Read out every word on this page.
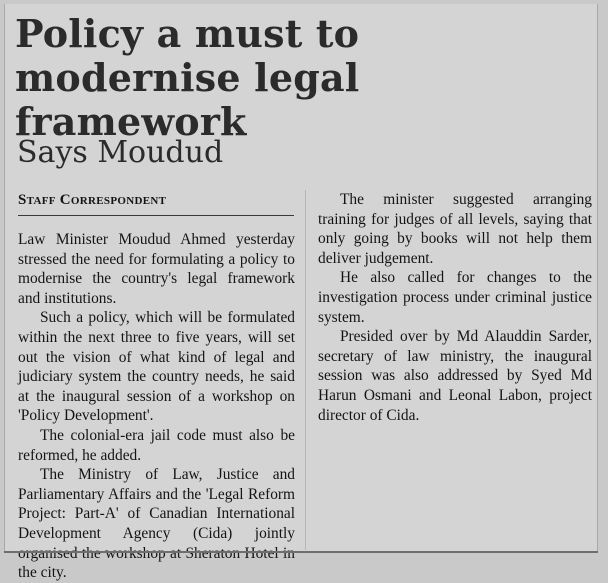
Policy a must to modernise legal framework
Says Moudud
Staff Correspondent

Law Minister Moudud Ahmed yesterday stressed the need for formulating a policy to modernise the country's legal framework and institutions.

Such a policy, which will be formulated within the next three to five years, will set out the vision of what kind of legal and judiciary system the country needs, he said at the inaugural session of a workshop on 'Policy Development'.

The colonial-era jail code must also be reformed, he added.

The Ministry of Law, Justice and Parliamentary Affairs and the 'Legal Reform Project: Part-A' of Canadian International Development Agency (Cida) jointly organised the workshop at Sheraton Hotel in the city.

The minister suggested arranging training for judges of all levels, saying that only going by books will not help them deliver judgement.

He also called for changes to the investigation process under criminal justice system.

Presided over by Md Alauddin Sarder, secretary of law ministry, the inaugural session was also addressed by Syed Md Harun Osmani and Leonal Labon, project director of Cida.
